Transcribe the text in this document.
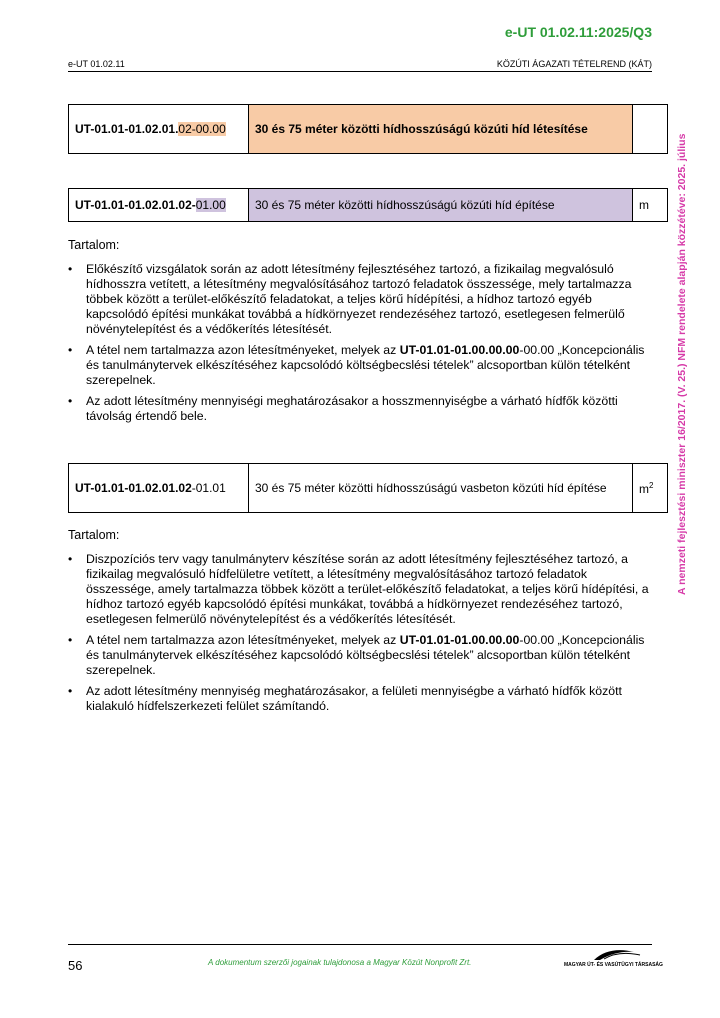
e-UT 01.02.11:2025/Q3
e-UT 01.02.11	KÖZÚTI ÁGAZATI TÉTELREND (KÁT)
A nemzeti fejlesztési miniszter 16/2017. (V. 25.) NFM rendelete alapján közzétéve: 2025. július
UT-01.01-01.02.01.02-00.00	30 és 75 méter közötti hídhosszúságú közúti híd létesítése	
UT-01.01-01.02.01.02-01.00	30 és 75 méter közötti hídhosszúságú közúti híd építése	m
Tartalom:
• Előkészítő vizsgálatok során az adott létesítmény fejlesztéséhez tartozó, a fizikailag megvalósuló hídhosszra vetített, a létesítmény megvalósításához tartozó feladatok összessége, mely tartalmazza többek között a terület-előkészítő feladatokat, a teljes körű hídépítési, a hídhoz tartozó egyéb kapcsolódó építési munkákat továbbá a hídkörnyezet rendezéséhez tartozó, esetlegesen felmerülő növénytelepítést és a védőkerítés létesítését.
• A tétel nem tartalmazza azon létesítményeket, melyek az UT-01.01-01.00.00.00-00.00 „Koncepcionális és tanulmánytervek elkészítéséhez kapcsolódó költségbecslési tételek” alcsoportban külön tételként szerepelnek.
• Az adott létesítmény mennyiségi meghatározásakor a hosszmennyiségbe a várható hídfők közötti távolság értendő bele.
UT-01.01-01.02.01.02-01.01	30 és 75 méter közötti hídhosszúságú vasbeton közúti híd építése	$m^2$
Tartalom:
• Diszpozíciós terv vagy tanulmányterv készítése során az adott létesítmény fejlesztéséhez tartozó, a fizikailag megvalósuló hídfelületre vetített, a létesítmény megvalósításához tartozó feladatok összessége, amely tartalmazza többek között a terület-előkészítő feladatokat, a teljes körű hídépítési, a hídhoz tartozó egyéb kapcsolódó építési munkákat, továbbá a hídkörnyezet rendezéséhez tartozó, esetlegesen felmerülő növénytelepítést és a védőkerítés létesítését.
• A tétel nem tartalmazza azon létesítményeket, melyek az UT-01.01-01.00.00.00-00.00 „Koncepcionális és tanulmánytervek elkészítéséhez kapcsolódó költségbecslési tételek” alcsoportban külön tételként szerepelnek.
• Az adott létesítmény mennyiség meghatározásakor, a felületi mennyiségbe a várható hídfők között kialakuló hídfelszerkezeti felület számítandó.
56	A dokumentum szerzői jogainak tulajdonosa a Magyar Közút Nonprofit Zrt.	MAGYAR ÚT- ÉS VASÚTÜGYI TÁRSASÁG
